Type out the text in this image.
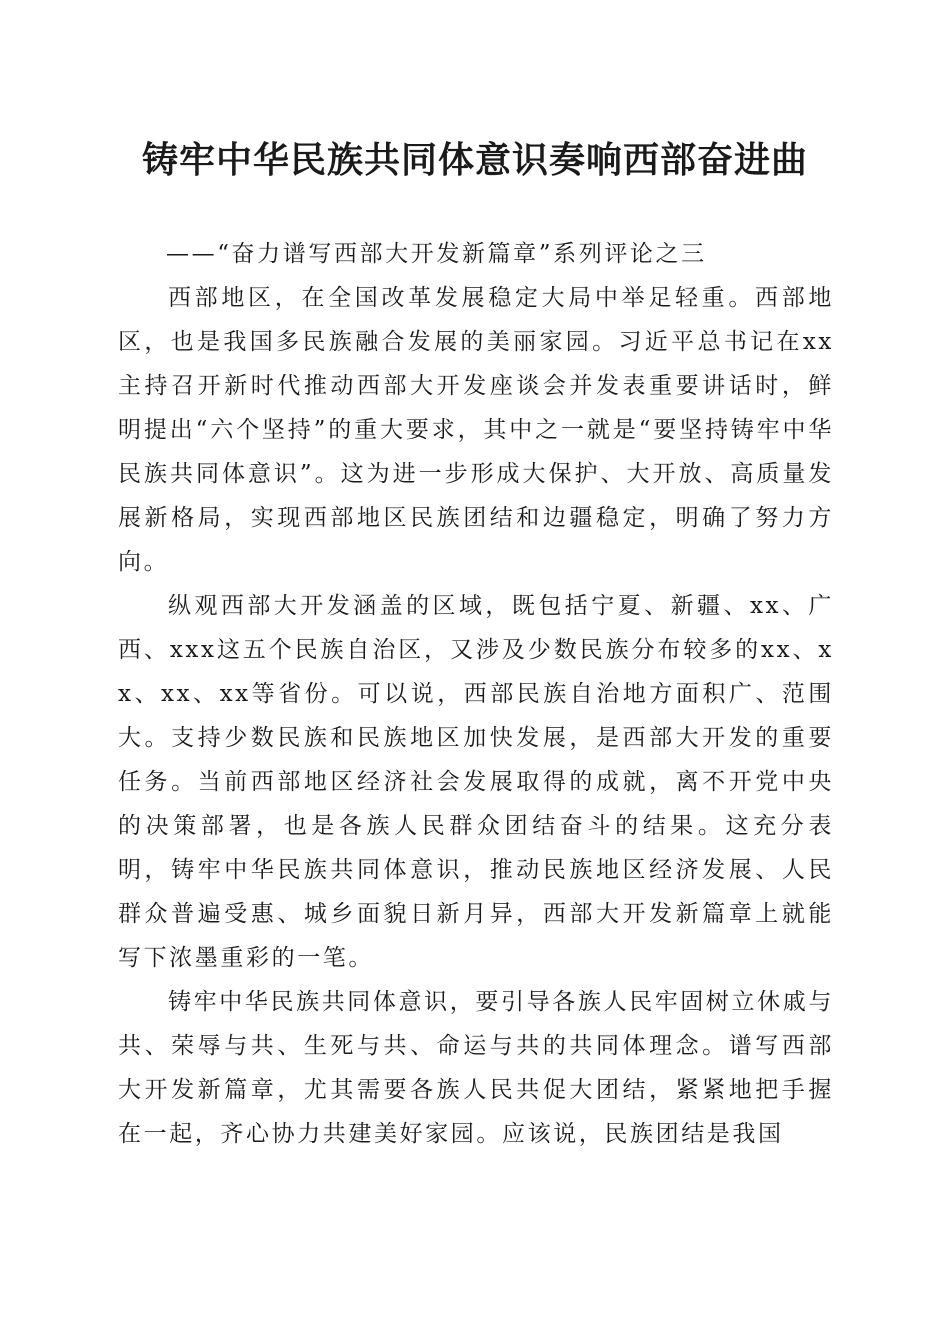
铸牢中华民族共同体意识奏响西部奋进曲

——“奋力谱写西部大开发新篇章”系列评论之三

西部地区，在全国改革发展稳定大局中举足轻重。西部地区，也是我国多民族融合发展的美丽家园。习近平总书记在xx主持召开新时代推动西部大开发座谈会并发表重要讲话时，鲜明提出“六个坚持”的重大要求，其中之一就是“要坚持铸牢中华民族共同体意识”。这为进一步形成大保护、大开放、高质量发展新格局，实现西部地区民族团结和边疆稳定，明确了努力方向。

纵观西部大开发涵盖的区域，既包括宁夏、新疆、xx、广西、xxx这五个民族自治区，又涉及少数民族分布较多的xx、xx、xx、xx等省份。可以说，西部民族自治地方面积广、范围大。支持少数民族和民族地区加快发展，是西部大开发的重要任务。当前西部地区经济社会发展取得的成就，离不开党中央的决策部署，也是各族人民群众团结奋斗的结果。这充分表明，铸牢中华民族共同体意识，推动民族地区经济发展、人民群众普遍受惠、城乡面貌日新月异，西部大开发新篇章上就能写下浓墨重彩的一笔。

铸牢中华民族共同体意识，要引导各族人民牢固树立休戚与共、荣辱与共、生死与共、命运与共的共同体理念。谱写西部大开发新篇章，尤其需要各族人民共促大团结，紧紧地把手握在一起，齐心协力共建美好家园。应该说，民族团结是我国
